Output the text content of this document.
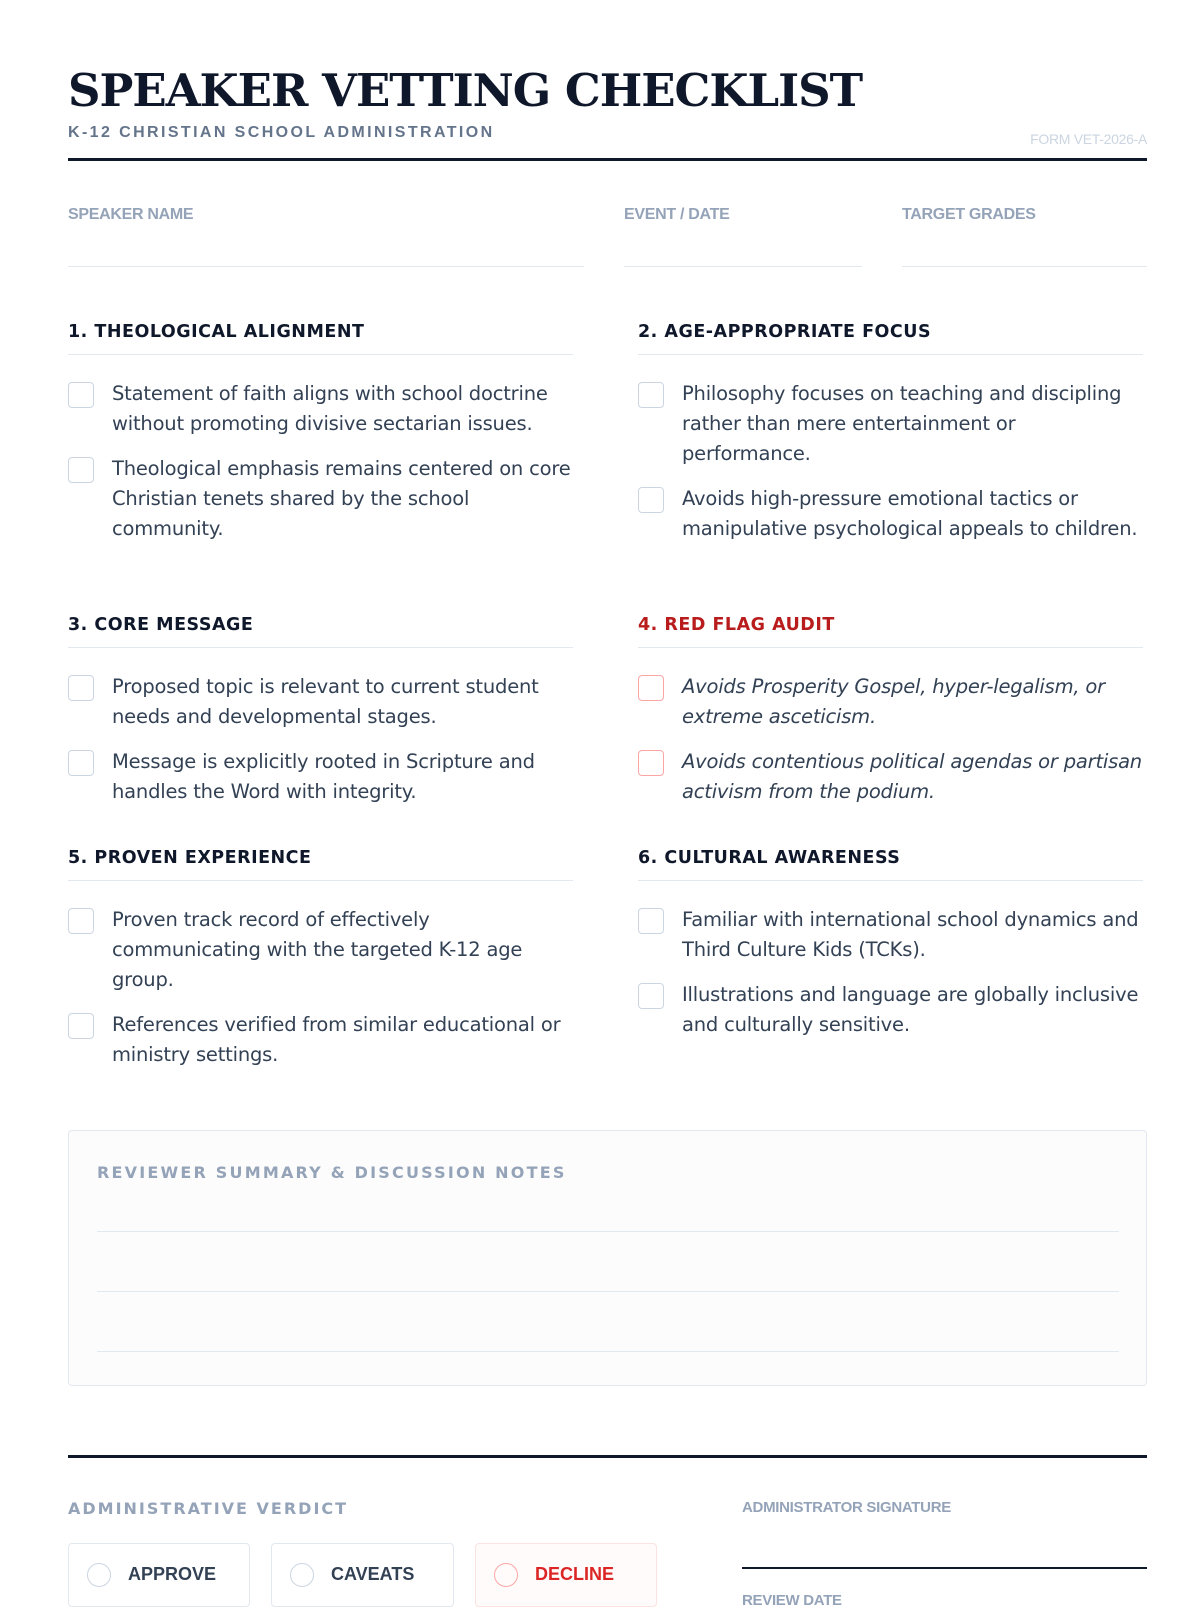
SPEAKER VETTING CHECKLIST
K-12 CHRISTIAN SCHOOL ADMINISTRATION	FORM VET-2026-A
SPEAKER NAME	EVENT / DATE	TARGET GRADES
1. THEOLOGICAL ALIGNMENT
Statement of faith aligns with school doctrine without promoting divisive sectarian issues.
Theological emphasis remains centered on core Christian tenets shared by the school community.
2. AGE-APPROPRIATE FOCUS
Philosophy focuses on teaching and discipling rather than mere entertainment or performance.
Avoids high-pressure emotional tactics or manipulative psychological appeals to children.
3. CORE MESSAGE
Proposed topic is relevant to current student needs and developmental stages.
Message is explicitly rooted in Scripture and handles the Word with integrity.
4. RED FLAG AUDIT
Avoids Prosperity Gospel, hyper-legalism, or extreme asceticism.
Avoids contentious political agendas or partisan activism from the podium.
5. PROVEN EXPERIENCE
Proven track record of effectively communicating with the targeted K-12 age group.
References verified from similar educational or ministry settings.
6. CULTURAL AWARENESS
Familiar with international school dynamics and Third Culture Kids (TCKs).
Illustrations and language are globally inclusive and culturally sensitive.
REVIEWER SUMMARY & DISCUSSION NOTES
ADMINISTRATIVE VERDICT
APPROVE	CAVEATS	DECLINE
ADMINISTRATOR SIGNATURE
REVIEW DATE
